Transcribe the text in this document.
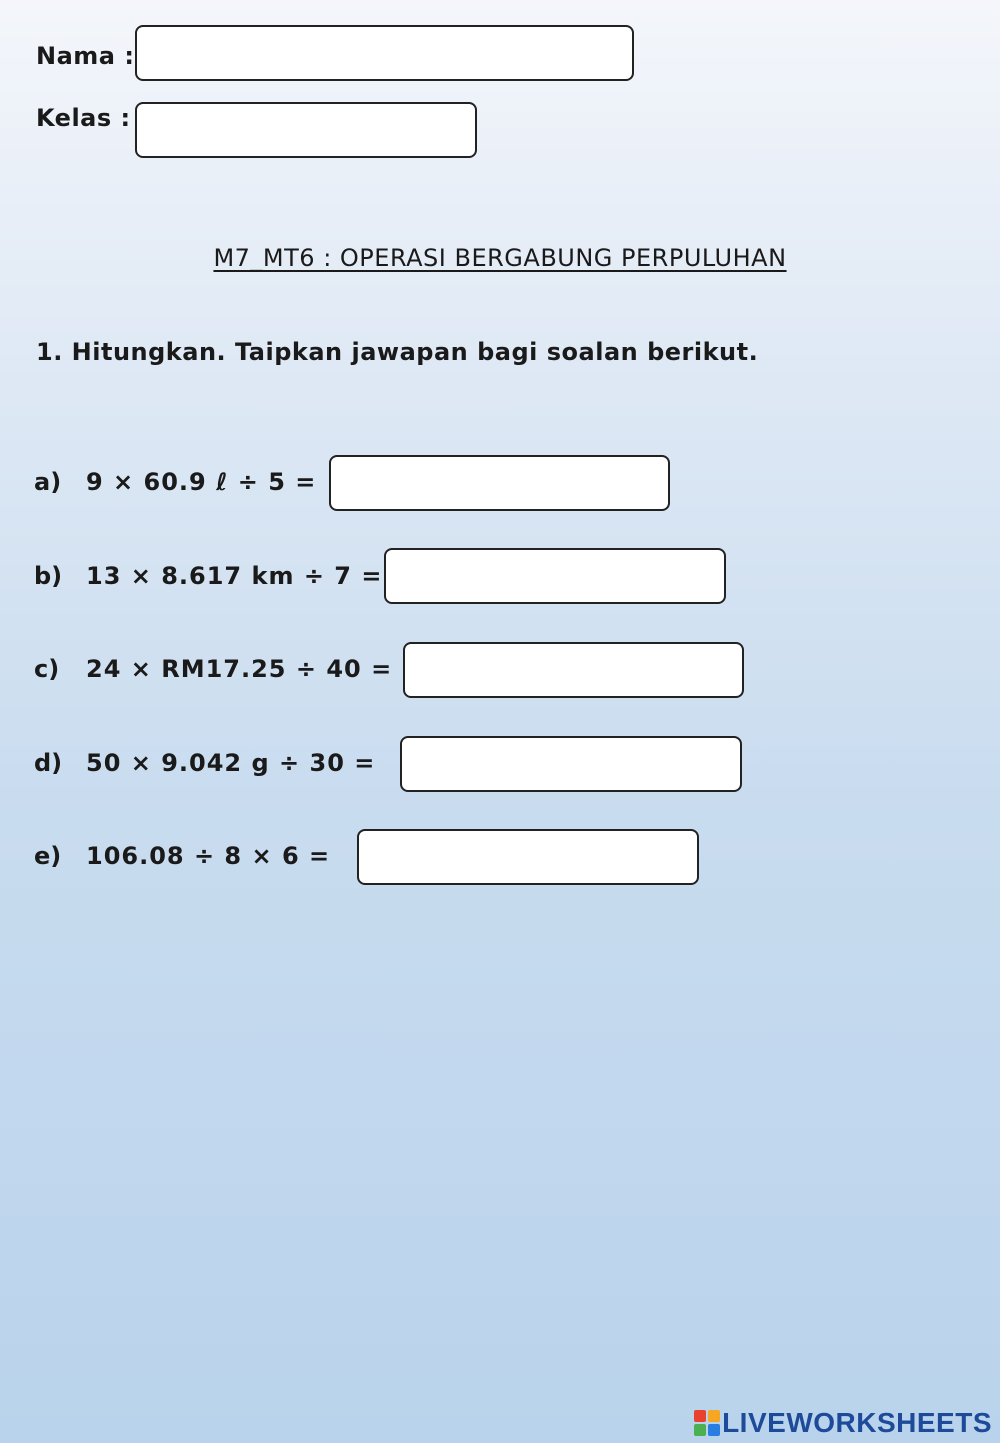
Nama :
Kelas :
M7_MT6 : OPERASI BERGABUNG PERPULUHAN
1. Hitungkan. Taipkan jawapan bagi soalan berikut.
a) 9 × 60.9 ℓ ÷ 5 =
b) 13 × 8.617 km ÷ 7 =
c) 24 × RM17.25 ÷ 40 =
d) 50 × 9.042 g ÷ 30 =
e) 106.08 ÷ 8 × 6 =
LIVEWORKSHEETS
